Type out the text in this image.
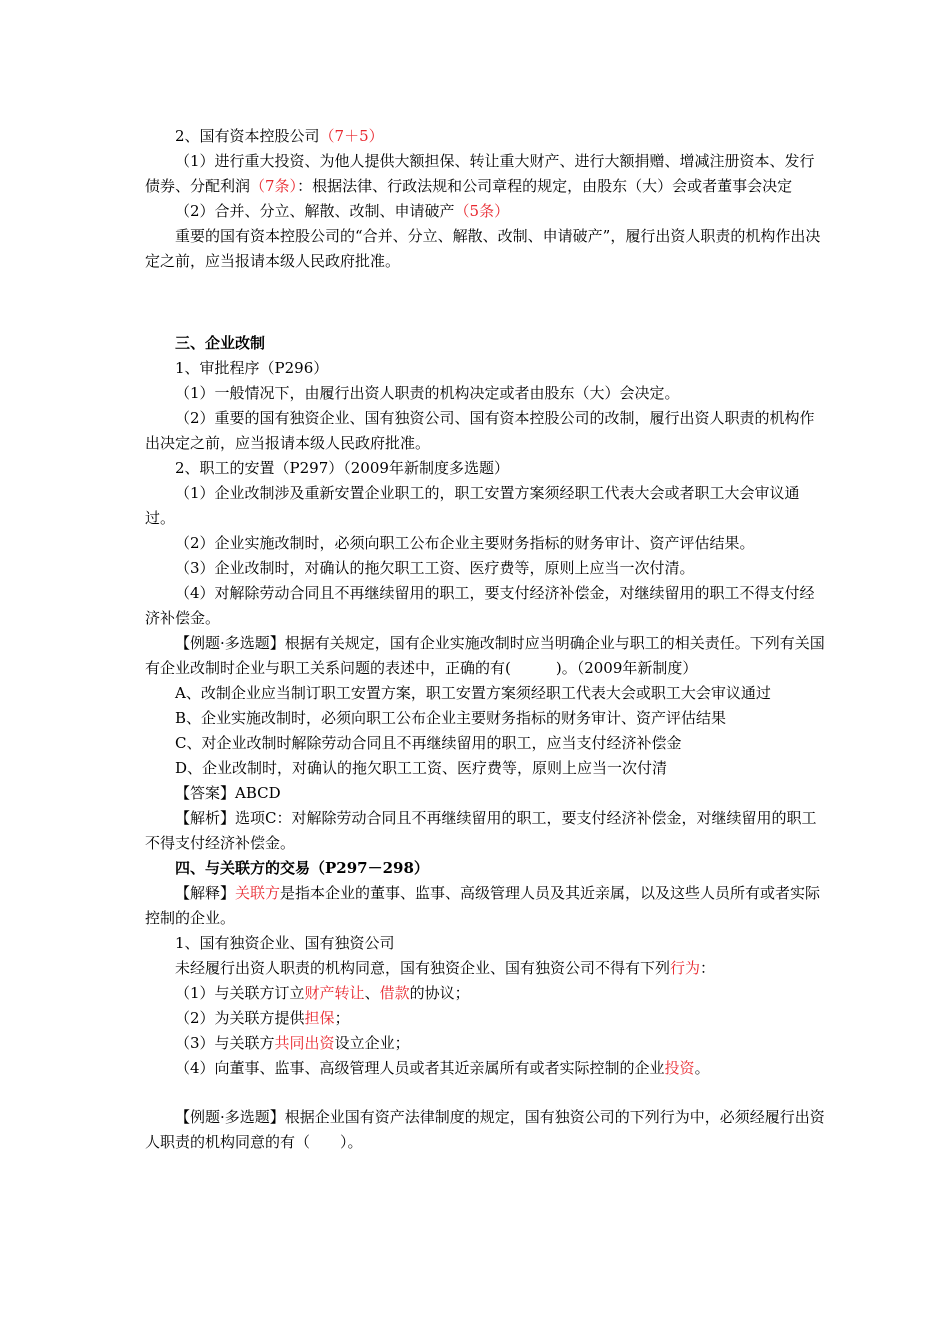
2、国有资本控股公司（7＋5）

（1）进行重大投资、为他人提供大额担保、转让重大财产、进行大额捐赠、增减注册资本、发行债券、分配利润（7条）：根据法律、行政法规和公司章程的规定，由股东（大）会或者董事会决定

（2）合并、分立、解散、改制、申请破产（5条）

重要的国有资本控股公司的“合并、分立、解散、改制、申请破产”，履行出资人职责的机构作出决定之前，应当报请本级人民政府批准。

三、企业改制

1、审批程序（P296）

（1）一般情况下，由履行出资人职责的机构决定或者由股东（大）会决定。

（2）重要的国有独资企业、国有独资公司、国有资本控股公司的改制，履行出资人职责的机构作出决定之前，应当报请本级人民政府批准。

2、职工的安置（P297）（2009年新制度多选题）

（1）企业改制涉及重新安置企业职工的，职工安置方案须经职工代表大会或者职工大会审议通过。

（2）企业实施改制时，必须向职工公布企业主要财务指标的财务审计、资产评估结果。

（3）企业改制时，对确认的拖欠职工工资、医疗费等，原则上应当一次付清。

（4）对解除劳动合同且不再继续留用的职工，要支付经济补偿金，对继续留用的职工不得支付经济补偿金。

【例题·多选题】根据有关规定，国有企业实施改制时应当明确企业与职工的相关责任。下列有关国有企业改制时企业与职工关系问题的表述中，正确的有(　　　)。（2009年新制度）

A、改制企业应当制订职工安置方案，职工安置方案须经职工代表大会或职工大会审议通过

B、企业实施改制时，必须向职工公布企业主要财务指标的财务审计、资产评估结果

C、对企业改制时解除劳动合同且不再继续留用的职工，应当支付经济补偿金

D、企业改制时，对确认的拖欠职工工资、医疗费等，原则上应当一次付清

【答案】ABCD

【解析】选项C：对解除劳动合同且不再继续留用的职工，要支付经济补偿金，对继续留用的职工不得支付经济补偿金。

四、与关联方的交易（P297－298）

【解释】关联方是指本企业的董事、监事、高级管理人员及其近亲属，以及这些人员所有或者实际控制的企业。

1、国有独资企业、国有独资公司

未经履行出资人职责的机构同意，国有独资企业、国有独资公司不得有下列行为：

（1）与关联方订立财产转让、借款的协议；

（2）为关联方提供担保；

（3）与关联方共同出资设立企业；

（4）向董事、监事、高级管理人员或者其近亲属所有或者实际控制的企业投资。

【例题·多选题】根据企业国有资产法律制度的规定，国有独资公司的下列行为中，必须经履行出资人职责的机构同意的有（　　）。
